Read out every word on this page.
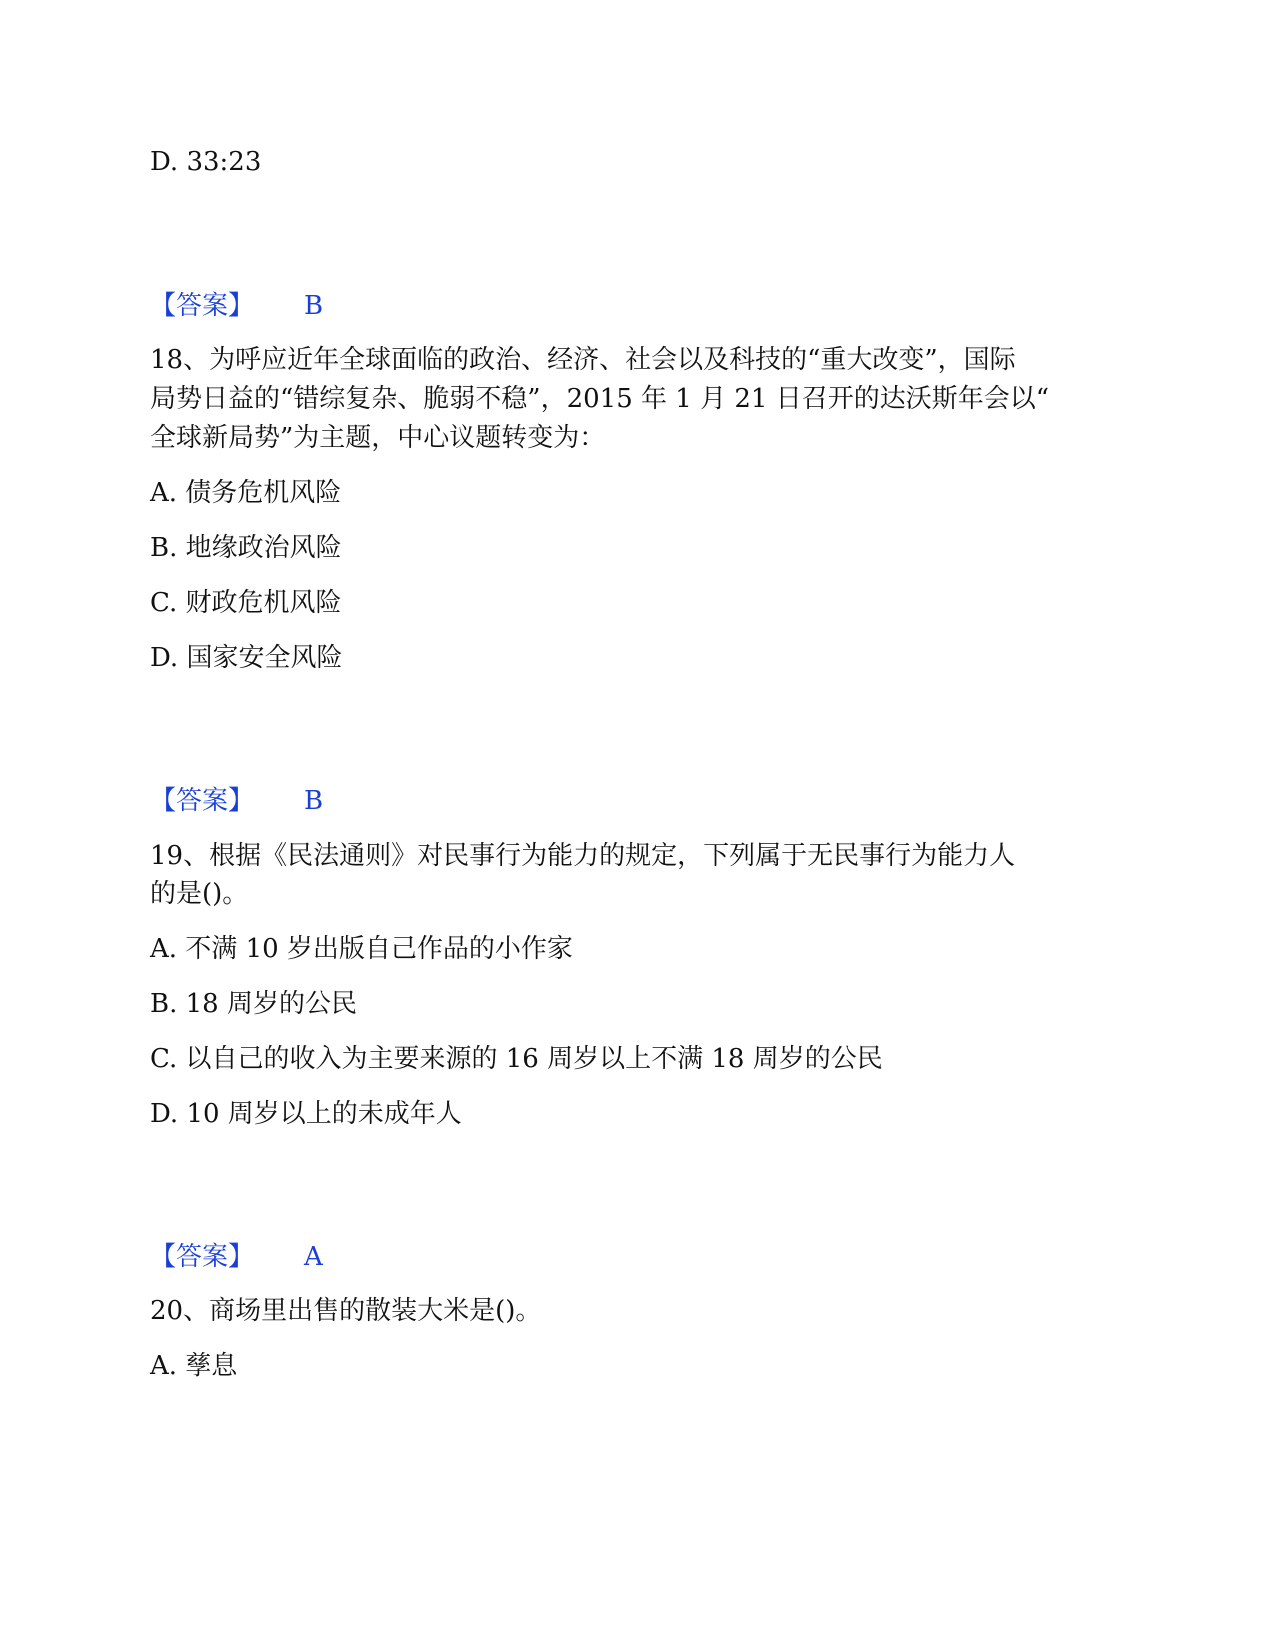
D. 33:23
【答案】 B
18、为呼应近年全球面临的政治、经济、社会以及科技的“重大改变”，国际
局势日益的“错综复杂、脆弱不稳”，2015 年 1 月 21 日召开的达沃斯年会以“
全球新局势”为主题，中心议题转变为：
A. 债务危机风险
B. 地缘政治风险
C. 财政危机风险
D. 国家安全风险
【答案】 B
19、根据《民法通则》对民事行为能力的规定，下列属于无民事行为能力人
的是()。
A. 不满 10 岁出版自己作品的小作家
B. 18 周岁的公民
C. 以自己的收入为主要来源的 16 周岁以上不满 18 周岁的公民
D. 10 周岁以上的未成年人
【答案】 A
20、商场里出售的散装大米是()。
A. 孳息
